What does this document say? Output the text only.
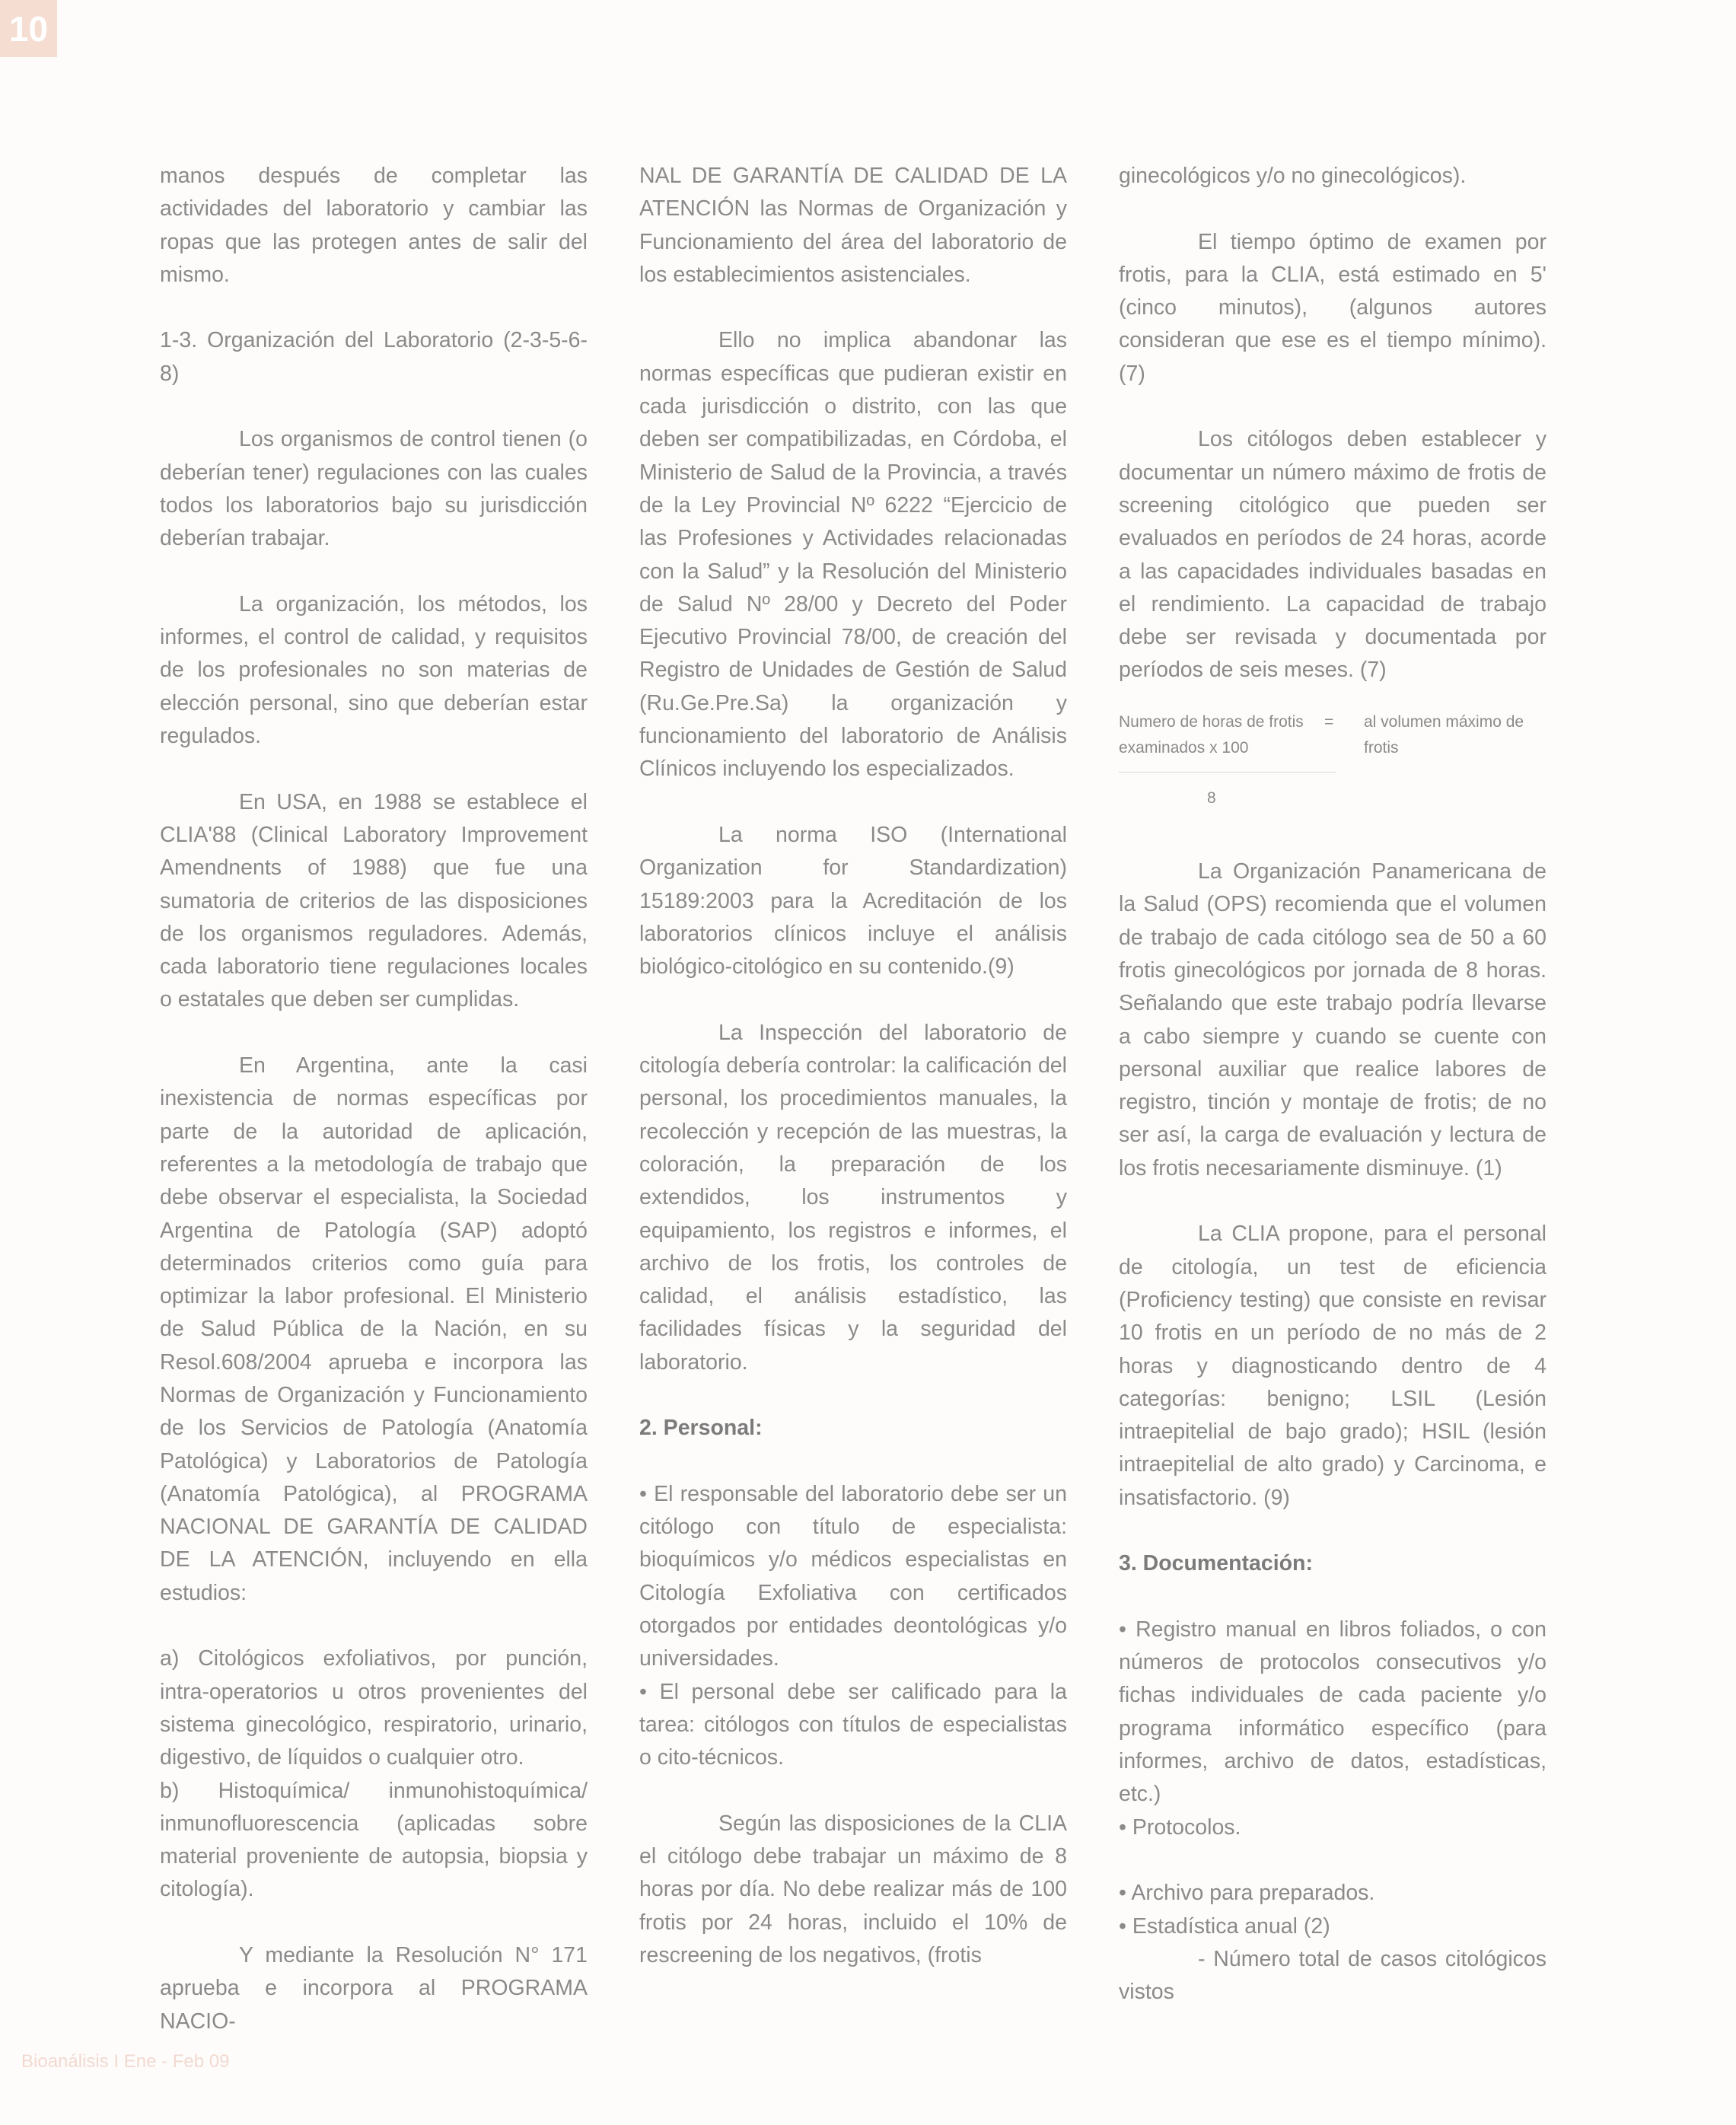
10

manos después de completar las actividades del laboratorio y cambiar las ropas que las protegen antes de salir del mismo.

1-3. Organización del Laboratorio (2-3-5-6-8)

Los organismos de control tienen (o deberían tener) regulaciones con las cuales todos los laboratorios bajo su jurisdicción deberían trabajar.

La organización, los métodos, los informes, el control de calidad, y requisitos de los profesionales no son materias de elección personal, sino que deberían estar regulados.

En USA, en 1988 se establece el CLIA'88 (Clinical Laboratory Improvement Amendnents of 1988) que fue una sumatoria de criterios de las disposiciones de los organismos reguladores. Además, cada laboratorio tiene regulaciones locales o estatales que deben ser cumplidas.

En Argentina, ante la casi inexistencia de normas específicas por parte de la autoridad de aplicación, referentes a la metodología de trabajo que debe observar el especialista, la Sociedad Argentina de Patología (SAP) adoptó determinados criterios como guía para optimizar la labor profesional. El Ministerio de Salud Pública de la Nación, en su Resol.608/2004 aprueba e incorpora las Normas de Organización y Funcionamiento de los Servicios de Patología (Anatomía Patológica) y Laboratorios de Patología (Anatomía Patológica), al PROGRAMA NACIONAL DE GARANTÍA DE CALIDAD DE LA ATENCIÓN, incluyendo en ella estudios:

a) Citológicos exfoliativos, por punción, intra-operatorios u otros provenientes del sistema ginecológico, respiratorio, urinario, digestivo, de líquidos o cualquier otro.

b) Histoquímica/ inmunohistoquímica/ inmunofluorescencia (aplicadas sobre material proveniente de autopsia, biopsia y citología).

Y mediante la Resolución N° 171 aprueba e incorpora al PROGRAMA NACIO-

NAL DE GARANTÍA DE CALIDAD DE LA ATENCIÓN las Normas de Organización y Funcionamiento del área del laboratorio de los establecimientos asistenciales.

Ello no implica abandonar las normas específicas que pudieran existir en cada jurisdicción o distrito, con las que deben ser compatibilizadas, en Córdoba, el Ministerio de Salud de la Provincia, a través de la Ley Provincial Nº 6222 “Ejercicio de las Profesiones y Actividades relacionadas con la Salud” y la Resolución del Ministerio de Salud Nº 28/00 y Decreto del Poder Ejecutivo Provincial 78/00, de creación del Registro de Unidades de Gestión de Salud (Ru.Ge.Pre.Sa) la organización y funcionamiento del laboratorio de Análisis Clínicos incluyendo los especializados.

La norma ISO (International Organization for Standardization) 15189:2003 para la Acreditación de los laboratorios clínicos incluye el análisis biológico-citológico en su contenido.(9)

La Inspección del laboratorio de citología debería controlar: la calificación del personal, los procedimientos manuales, la recolección y recepción de las muestras, la coloración, la preparación de los extendidos, los instrumentos y equipamiento, los registros e informes, el archivo de los frotis, los controles de calidad, el análisis estadístico, las facilidades físicas y la seguridad del laboratorio.

2. Personal:

• El responsable del laboratorio debe ser un citólogo con título de especialista: bioquímicos y/o médicos especialistas en Citología Exfoliativa con certificados otorgados por entidades deontológicas y/o universidades.

• El personal debe ser calificado para la tarea: citólogos con títulos de especialistas o cito-técnicos.

Según las disposiciones de la CLIA el citólogo debe trabajar un máximo de 8 horas por día. No debe realizar más de 100 frotis por 24 horas, incluido el 10% de rescreening de los negativos, (frotis

ginecológicos y/o no ginecológicos).

El tiempo óptimo de examen por frotis, para la CLIA, está estimado en 5' (cinco minutos), (algunos autores consideran que ese es el tiempo mínimo). (7)

Los citólogos deben establecer y documentar un número máximo de frotis de screening citológico que pueden ser evaluados en períodos de 24 horas, acorde a las capacidades individuales basadas en el rendimiento. La capacidad de trabajo debe ser revisada y documentada por períodos de seis meses. (7)

Numero de horas de frotis examinados x 100
= al volumen máximo de frotis
8

La Organización Panamericana de la Salud (OPS) recomienda que el volumen de trabajo de cada citólogo sea de 50 a 60 frotis ginecológicos por jornada de 8 horas. Señalando que este trabajo podría llevarse a cabo siempre y cuando se cuente con personal auxiliar que realice labores de registro, tinción y montaje de frotis; de no ser así, la carga de evaluación y lectura de los frotis necesariamente disminuye. (1)

La CLIA propone, para el personal de citología, un test de eficiencia (Proficiency testing) que consiste en revisar 10 frotis en un período de no más de 2 horas y diagnosticando dentro de 4 categorías: benigno; LSIL (Lesión intraepitelial de bajo grado); HSIL (lesión intraepitelial de alto grado) y Carcinoma, e insatisfactorio. (9)

3. Documentación:

• Registro manual en libros foliados, o con números de protocolos consecutivos y/o fichas individuales de cada paciente y/o programa informático específico (para informes, archivo de datos, estadísticas, etc.)

• Protocolos.

• Archivo para preparados.

• Estadística anual (2)

- Número total de casos citológicos vistos

Bioanálisis I Ene - Feb 09
